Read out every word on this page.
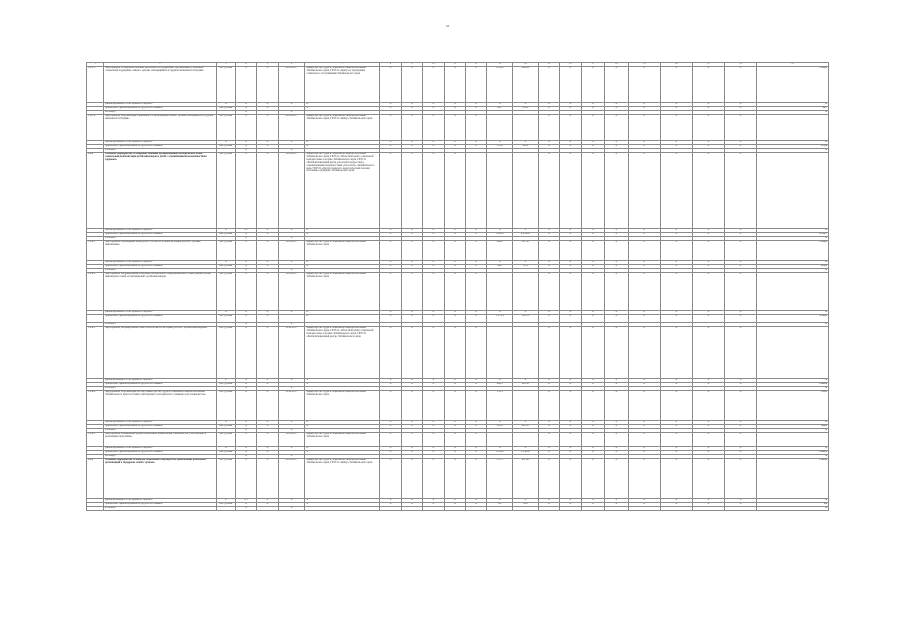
16
1	2	3	4	5	6	7	8	9	10	11	12	13	14	15	16	17	18	19	20	21	22	23
1.9.3.3	Мероприятие «Совершенствование деятельности профильных организаций по оказанию социальной поддержки семьям с детьми, находящимися в трудной жизненной ситуации»	тыс. рублей	X	X	2016-2017	Министерство труда и социальной защиты населения Забайкальского края, ГКУСО «Центр» и учреждения социального обслуживания Забайкальского края	X	X	X	X	X	1 052,0	494,36	X	X	X	X	X	X	X	X	1 424,0
	финансирование за счет краевого бюджета	X	X	X	X	X	X	X	X	X	X	X	X	X	X	X	X	X	X	X	X	X
	привлечено, финансирование из других источников	тыс. рублей	X	X		X	X	X	X	X	X	94,7	95,00	X	X	X	X	X	X	X	X	94,7
	из Фонда		X		X																	X
1.9.3.4	Мероприятие «Организация социального сопровождения семей с детьми, находящихся в трудной жизненной ситуации»	тыс. рублей	X	X	2016-2017	Министерство труда и социальной защиты населения Забайкальского края, ГКУСО «Центр» Забайкальского края	X	X	X	X	X			X	X	X	X	X	X	X	X	
	финансирование за счет краевого бюджета	X	X	X	X	X	X	X	X	X	X	X	X	X	X	X	X	X	X	X	X	X
	привлечено, финансирование из других источников	тыс. рублей	X	X		X	X	X	X	X	X	151,6	90,00	X	X	X	X	X	X	X	X	273,6
	из Фонда		X		X																	X
1.9.4	Основное мероприятие «Совершенствование организационно-методических основ социальной реабилитации детей-инвалидов и детей с ограниченными возможностями здоровья»	тыс. рублей	X	X	2016-2017	Министерство труда и социальной защиты населения Забайкальского края, ГКУСО «Областной центр социальной помощи семье и детям» Забайкальского края, ГКУСО «Реабилитационный центр для детей и подростков с ограниченными возможностями «Спасатель» Забайкальского края, ГКУСО «Центр психолого-педагогической помощи населению «Доверие» Забайкальского края	X	X	X	X				X	X	X	X	X	X	X	X	
	финансирование за счет краевого бюджета	X	0,1	X	X	X	X	X	X	X	X	X	X	X	X	X	X	X	X	X	X	X
	привлечено, финансирование из других источников	тыс. рублей	X	X		X	X	X	X	X	X	3 849,0	2 933,03	X	X	X	X	X	X	X	X	6 782,7
	из Фонда		X		X																	X
1.9.4.1	Мероприятие «Проведение конкурсного отбора на лучшие методики работы с детьми-инвалидами»	тыс. рублей	X	X	2016-2017	Министерство труда и социальной защиты населения Забайкальского края	X	X	X	X	X	444,0	347,50	X	X	X	X	X	X	X	X	1 390,5
	финансирование за счет краевого бюджета	X	X	X	X	X	X	X	X	X	X	X	X	X	X	X	X	X	X	X	X	X
	привлечено, финансирование из других источников	тыс. рублей	X	X		X	X	X	X	X	X	46,0	55,50	X	X	X	X	X	X	X	X	102,5
	из Фонда		X		X																	X
1.9.4.2	Мероприятие «Формирование и ведение регионального информационного банка данных детей-инвалидов и семей, воспитывающих детей-инвалидов»	тыс. рублей	X	X	2016-2017	Министерство труда и социальной защиты населения Забайкальского края	X	X	X	X	X			X	X	X	X	X	X	X	X	
	финансирование за счет краевого бюджета	X	X	X	X	X	X	X	X	X	X	X	X	X	X	X	X	X	X	X	X	X
	привлечено, финансирование из других источников	тыс. рублей	X	X		X	X	X	X	X	X	1 271,4	591,13	X	X	X	X	X	X	X	X	2 415,9
	из Фонда		X		X																	X
1.9.4.3	Мероприятие «Формирование банка технологий по методике работы с детьми-инвалидами»	тыс. рублей	X	X	2016-2017	Министерство труда и социальной защиты населения Забайкальского края, ГКУСО «Областной центр социальной помощи семье и детям» Забайкальского края, ГКУСО «Реабилитационный центр» Забайкальского края	X	X	X	X	X			X	X	X	X	X	X	X	X	
	финансирование за счет краевого бюджета	X	X	X	X	X	X	X	X	X	X	X	X	X	X	X	X	X	X	X	X	X
	привлечено, финансирование из других источников	тыс. рублей	X	X		X	X	X	X	X	X	608,1	991,30	X	X	X	X	X	X	X	X	1 805,6
	из Фонда		X		X																	X
1.9.4.4	Мероприятие «Организация на базе Министерства труда и социальной защиты населения Забайкальского края постоянно действующего методического семинара для специалистов»	тыс. рублей	X	X	2016-2017	Министерство труда и социальной защиты населения Забайкальского края	X	X	X	X	X	151,3		X	X	X	X	X	X	X	X	151,3
	финансирование за счет краевого бюджета	X	X	X	X	X	X	X	X	X	X	X	X	X	X	X	X	X	X	X	X	X
	привлечено, финансирование из других источников	тыс. рублей	X	X		X	X	X	X	X	X	210,0	220,50	X	X	X	X	X	X	X	X	430,5
	из Фонда		X		X																	X
1.9.4.5	Мероприятие «Повышение профессиональных компетенций специалистов, участвующих в реализации программы»	тыс. рублей	X	X	2016-2017	Министерство труда и социальной защиты населения Забайкальского края	X	X	X	X	X			X	X	X	X	X	X	X	X	
	финансирование за счет краевого бюджета	X	X	X	X	X	X	X	X	X	X	X	X	X	X	X	X	X	X	X	X	X
	привлечено, финансирование из других источников	тыс. рублей	X	X		X	X	X	X	X	X	1 234,2	1 850,00	X	X	X	X	X	X	X	X	2 084,2
	из Фонда		X		X																	X
1.9.5	Основное мероприятие «Развитие социального партнерства, привлечение различных организаций к поддержке семей с детьми»	тыс. рублей	X	X	2016-2017	Министерство труда и социальной защиты населения Забайкальского края, ГКУСО «Центр» Забайкальского края	X	X	X	X	X	357,5	947,00	X	X	X	X	X	X	X	X	1 305,0
	финансирование за счет краевого бюджета	X	0,1	X	X	X	X	X	X	X	X	X	X	X	X	X	X	X	X	X	X	X
	привлечено, финансирование из других источников	тыс. рублей	X	X		X	X	X	X	X	X	0,0	0,00	X	X	X	X	X	X	X	X	0,0
	из Фонда		X		X																	X
